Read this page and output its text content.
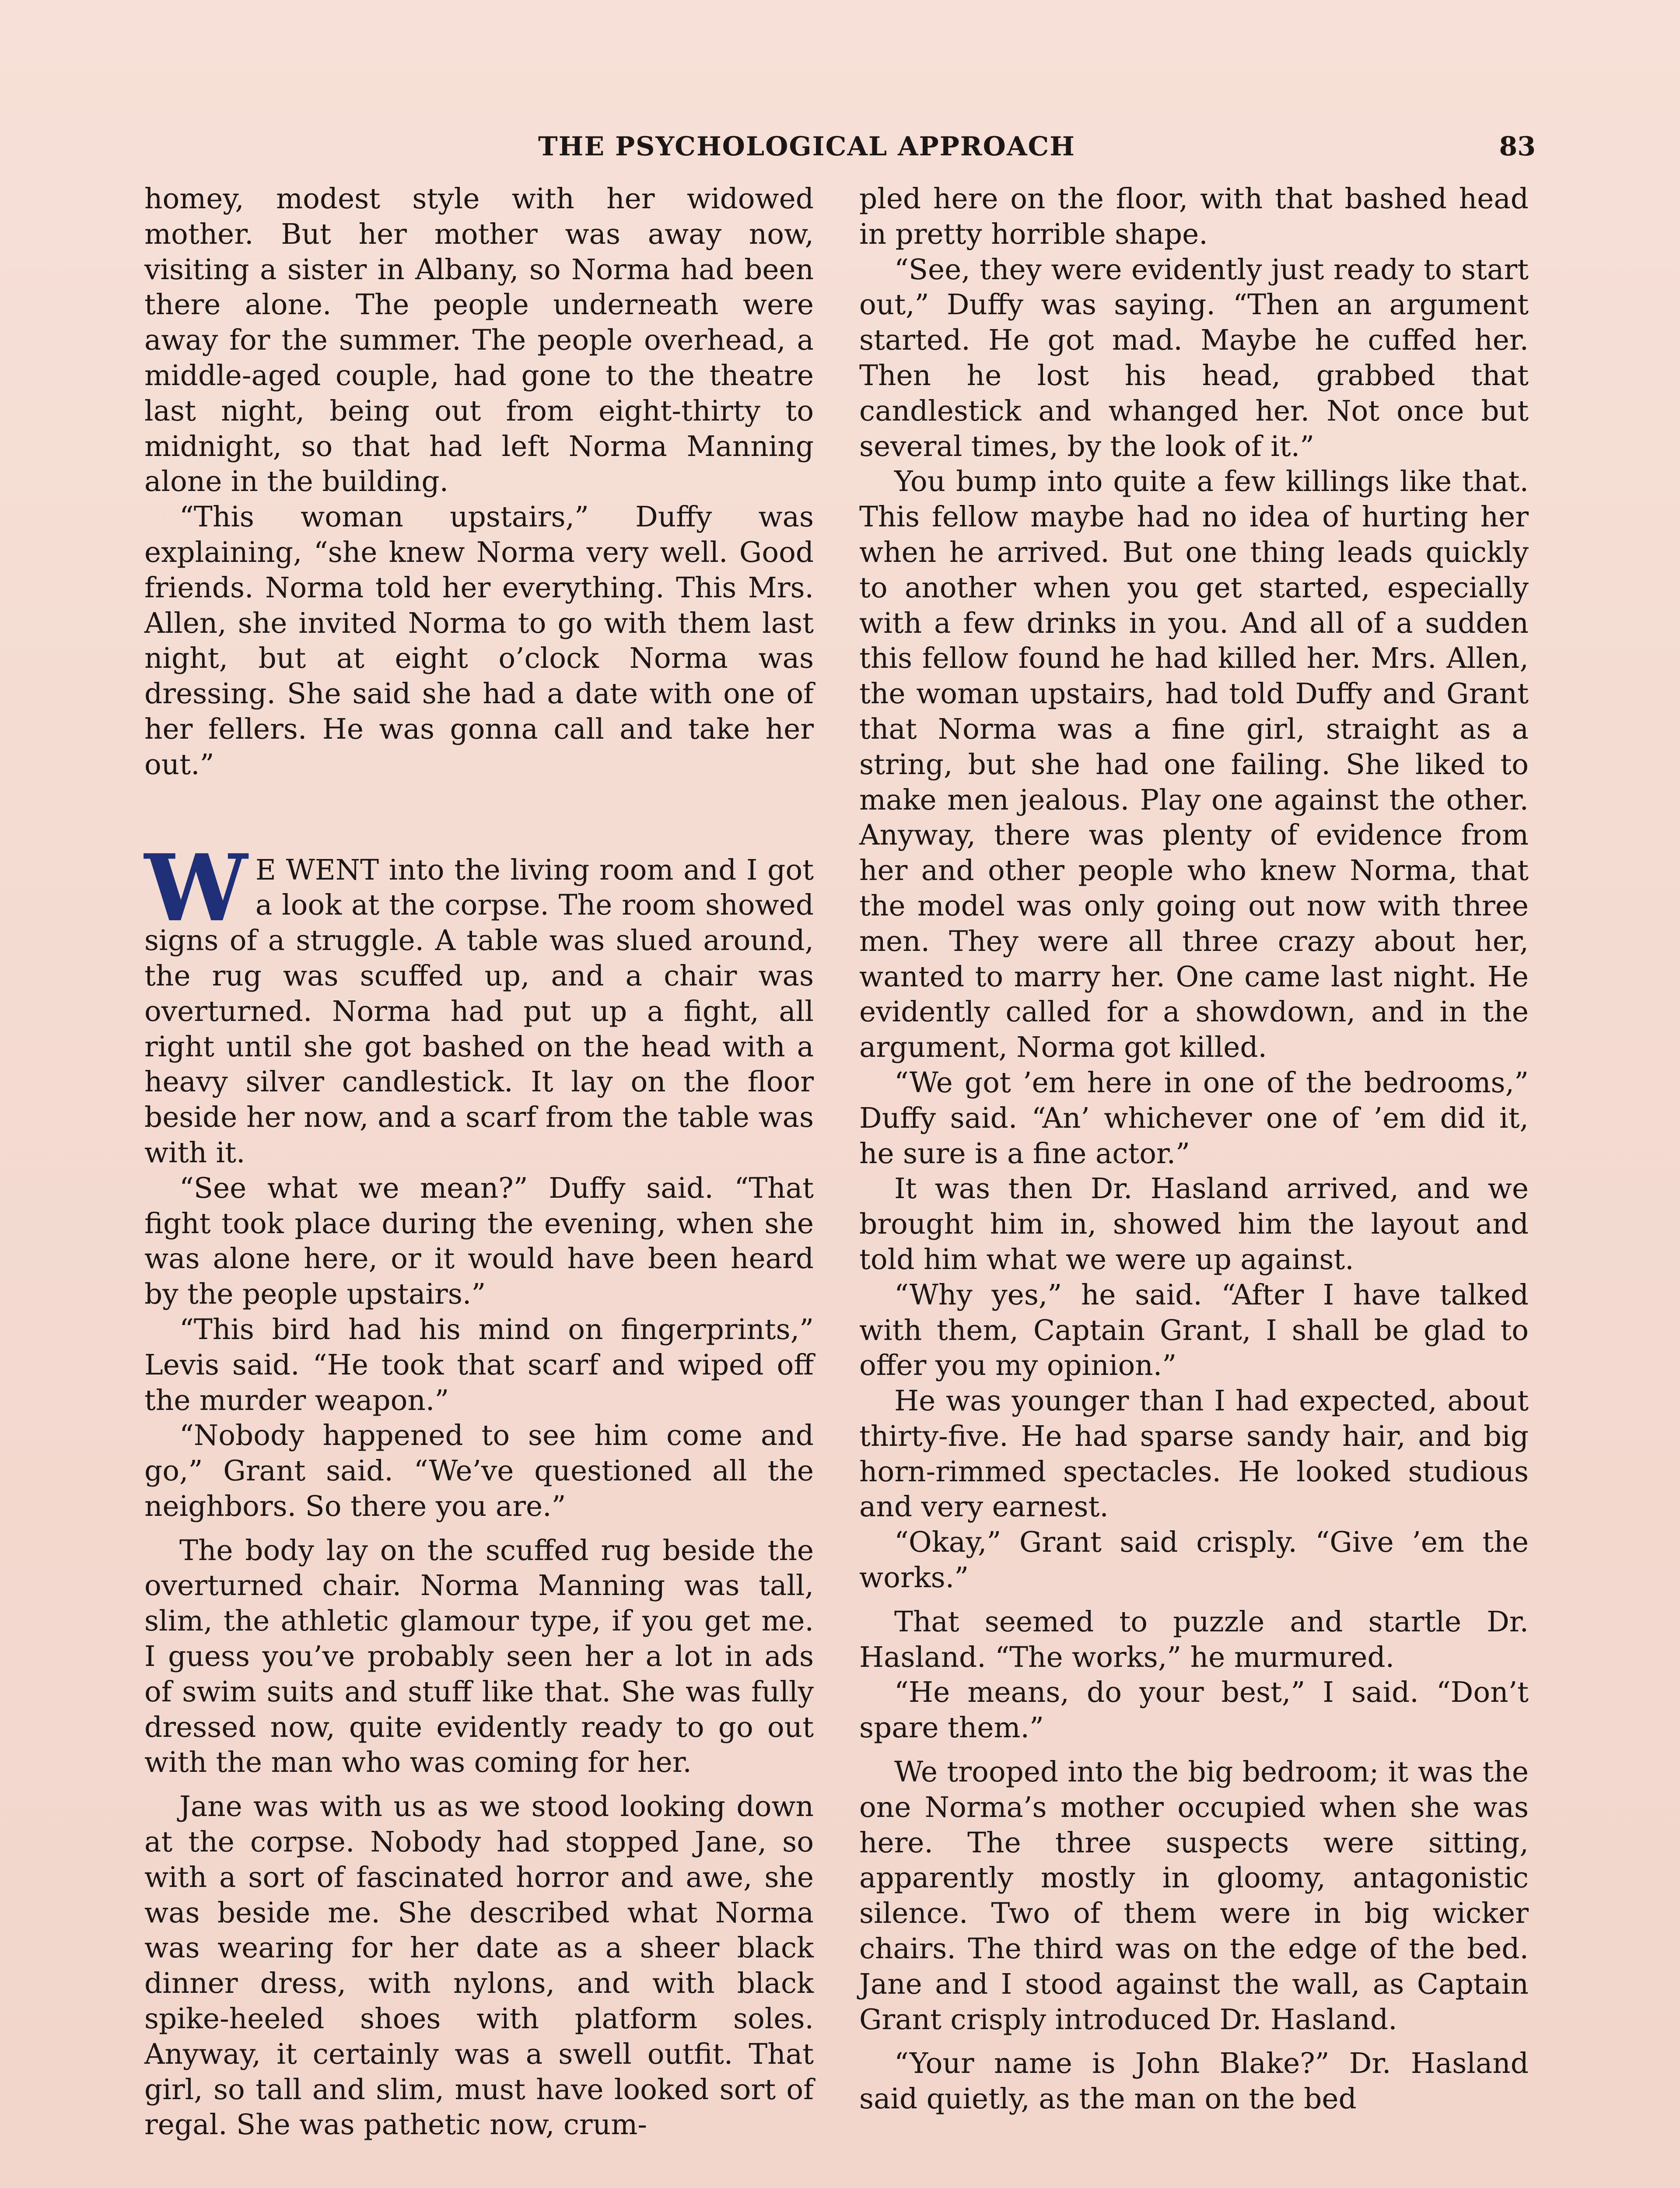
THE PSYCHOLOGICAL APPROACH	83

homey, modest style with her widowed mother. But her mother was away now, visiting a sister in Albany, so Norma had been there alone. The people underneath were away for the summer. The people overhead, a middle-aged couple, had gone to the theatre last night, being out from eight-thirty to midnight, so that had left Norma Manning alone in the building.

“This woman upstairs,” Duffy was explaining, “she knew Norma very well. Good friends. Norma told her everything. This Mrs. Allen, she invited Norma to go with them last night, but at eight o’clock Norma was dressing. She said she had a date with one of her fellers. He was gonna call and take her out.”

W E WENT into the living room and I got a look at the corpse. The room showed signs of a struggle. A table was slued around, the rug was scuffed up, and a chair was overturned. Norma had put up a fight, all right until she got bashed on the head with a heavy silver candlestick. It lay on the floor beside her now, and a scarf from the table was with it.

“See what we mean?” Duffy said. “That fight took place during the evening, when she was alone here, or it would have been heard by the people upstairs.”

“This bird had his mind on fingerprints,” Levis said. “He took that scarf and wiped off the murder weapon.”

“Nobody happened to see him come and go,” Grant said. “We’ve questioned all the neighbors. So there you are.”

The body lay on the scuffed rug beside the overturned chair. Norma Manning was tall, slim, the athletic glamour type, if you get me. I guess you’ve probably seen her a lot in ads of swim suits and stuff like that. She was fully dressed now, quite evidently ready to go out with the man who was coming for her.

Jane was with us as we stood looking down at the corpse. Nobody had stopped Jane, so with a sort of fascinated horror and awe, she was beside me. She described what Norma was wearing for her date as a sheer black dinner dress, with nylons, and with black spike-heeled shoes with platform soles. Anyway, it certainly was a swell outfit. That girl, so tall and slim, must have looked sort of regal. She was pathetic now, crum-

pled here on the floor, with that bashed head in pretty horrible shape.

“See, they were evidently just ready to start out,” Duffy was saying. “Then an argument started. He got mad. Maybe he cuffed her. Then he lost his head, grabbed that candlestick and whanged her. Not once but several times, by the look of it.”

You bump into quite a few killings like that. This fellow maybe had no idea of hurting her when he arrived. But one thing leads quickly to another when you get started, especially with a few drinks in you. And all of a sudden this fellow found he had killed her. Mrs. Allen, the woman upstairs, had told Duffy and Grant that Norma was a fine girl, straight as a string, but she had one failing. She liked to make men jealous. Play one against the other. Anyway, there was plenty of evidence from her and other people who knew Norma, that the model was only going out now with three men. They were all three crazy about her, wanted to marry her. One came last night. He evidently called for a showdown, and in the argument, Norma got killed.

“We got ’em here in one of the bedrooms,” Duffy said. “An’ whichever one of ’em did it, he sure is a fine actor.”

It was then Dr. Hasland arrived, and we brought him in, showed him the layout and told him what we were up against.

“Why yes,” he said. “After I have talked with them, Captain Grant, I shall be glad to offer you my opinion.”

He was younger than I had expected, about thirty-five. He had sparse sandy hair, and big horn-rimmed spectacles. He looked studious and very earnest.

“Okay,” Grant said crisply. “Give ’em the works.”

That seemed to puzzle and startle Dr. Hasland. “The works,” he murmured.

“He means, do your best,” I said. “Don’t spare them.”

We trooped into the big bedroom; it was the one Norma’s mother occupied when she was here. The three suspects were sitting, apparently mostly in gloomy, antagonistic silence. Two of them were in big wicker chairs. The third was on the edge of the bed. Jane and I stood against the wall, as Captain Grant crisply introduced Dr. Hasland.

“Your name is John Blake?” Dr. Hasland said quietly, as the man on the bed
